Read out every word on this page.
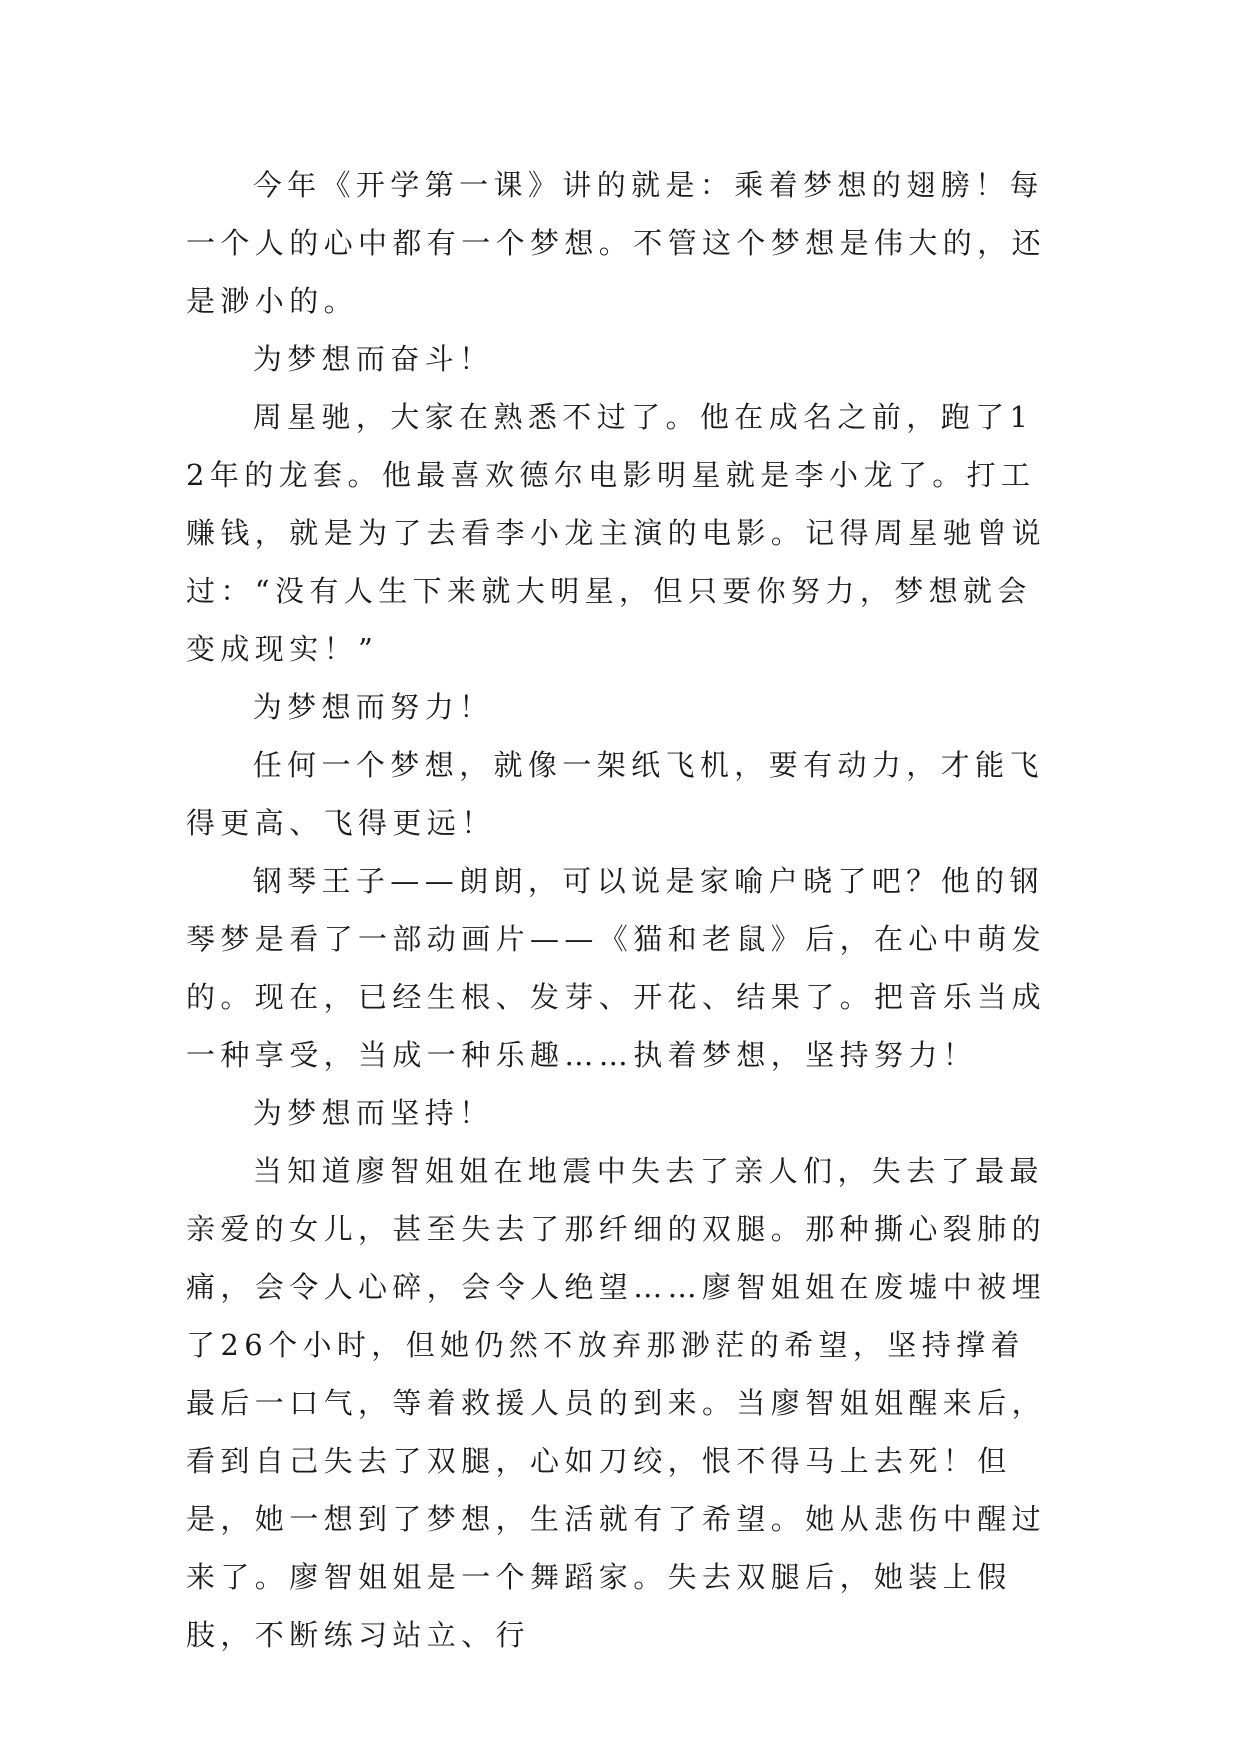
今年《开学第一课》讲的就是：乘着梦想的翅膀！每一个人的心中都有一个梦想。不管这个梦想是伟大的，还是渺小的。

为梦想而奋斗！

周星驰，大家在熟悉不过了。他在成名之前，跑了12年的龙套。他最喜欢德尔电影明星就是李小龙了。打工赚钱，就是为了去看李小龙主演的电影。记得周星驰曾说过：“没有人生下来就大明星，但只要你努力，梦想就会变成现实！”

为梦想而努力！

任何一个梦想，就像一架纸飞机，要有动力，才能飞得更高、飞得更远！

钢琴王子——朗朗，可以说是家喻户晓了吧？他的钢琴梦是看了一部动画片——《猫和老鼠》后，在心中萌发的。现在，已经生根、发芽、开花、结果了。把音乐当成一种享受，当成一种乐趣……执着梦想，坚持努力！

为梦想而坚持！

当知道廖智姐姐在地震中失去了亲人们，失去了最最亲爱的女儿，甚至失去了那纤细的双腿。那种撕心裂肺的痛，会令人心碎，会令人绝望……廖智姐姐在废墟中被埋了26个小时，但她仍然不放弃那渺茫的希望，坚持撑着最后一口气，等着救援人员的到来。当廖智姐姐醒来后，看到自己失去了双腿，心如刀绞，恨不得马上去死！但是，她一想到了梦想，生活就有了希望。她从悲伤中醒过来了。廖智姐姐是一个舞蹈家。失去双腿后，她装上假肢，不断练习站立、行
